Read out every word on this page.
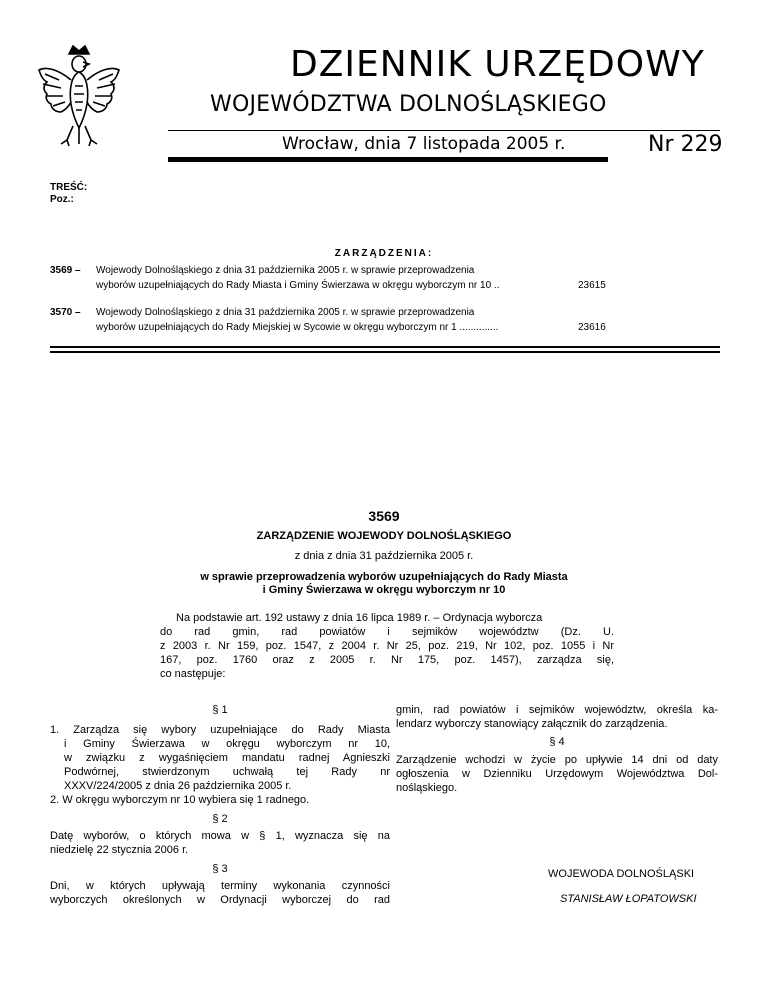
DZIENNIK URZĘDOWY
WOJEWÓDZTWA DOLNOŚLĄSKIEGO
Wrocław, dnia 7 listopada 2005 r.	Nr 229
TREŚĆ:
Poz.:
ZARZĄDZENIA:
3569 – Wojewody Dolnośląskiego z dnia 31 października 2005 r. w sprawie przeprowadzenia
wyborów uzupełniających do Rady Miasta i Gminy Świerzawa w okręgu wyborczym nr 10 ..	23615
3570 – Wojewody Dolnośląskiego z dnia 31 października 2005 r. w sprawie przeprowadzenia
wyborów uzupełniających do Rady Miejskiej w Sycowie w okręgu wyborczym nr 1 ..............	23616
3569
ZARZĄDZENIE WOJEWODY DOLNOŚLĄSKIEGO
z dnia z dnia 31 października 2005 r.
w sprawie przeprowadzenia wyborów uzupełniających do Rady Miasta
i Gminy Świerzawa w okręgu wyborczym nr 10
Na podstawie art. 192 ustawy z dnia 16 lipca 1989 r. – Ordynacja wyborcza
do rad gmin, rad powiatów i sejmików województw (Dz. U.
z 2003 r. Nr 159, poz. 1547, z 2004 r. Nr 25, poz. 219, Nr 102, poz. 1055 i Nr
167, poz. 1760 oraz z 2005 r. Nr 175, poz. 1457), zarządza się,
co następuje:
§ 1
1. Zarządza się wybory uzupełniające do Rady Miasta
i Gminy Świerzawa w okręgu wyborczym nr 10,
w związku z wygaśnięciem mandatu radnej Agnieszki
Podwórnej, stwierdzonym uchwałą tej Rady nr
XXXV/224/2005 z dnia 26 października 2005 r.
2. W okręgu wyborczym nr 10 wybiera się 1 radnego.
§ 2
Datę wyborów, o których mowa w § 1, wyznacza się na
niedzielę 22 stycznia 2006 r.
§ 3
Dni, w których upływają terminy wykonania czynności
wyborczych określonych w Ordynacji wyborczej do rad
gmin, rad powiatów i sejmików województw, określa ka-
lendarz wyborczy stanowiący załącznik do zarządzenia.
§ 4
Zarządzenie wchodzi w życie po upływie 14 dni od daty
ogłoszenia w Dzienniku Urzędowym Województwa Dol-
nośląskiego.
WOJEWODA DOLNOŚLĄSKI
STANISŁAW ŁOPATOWSKI
